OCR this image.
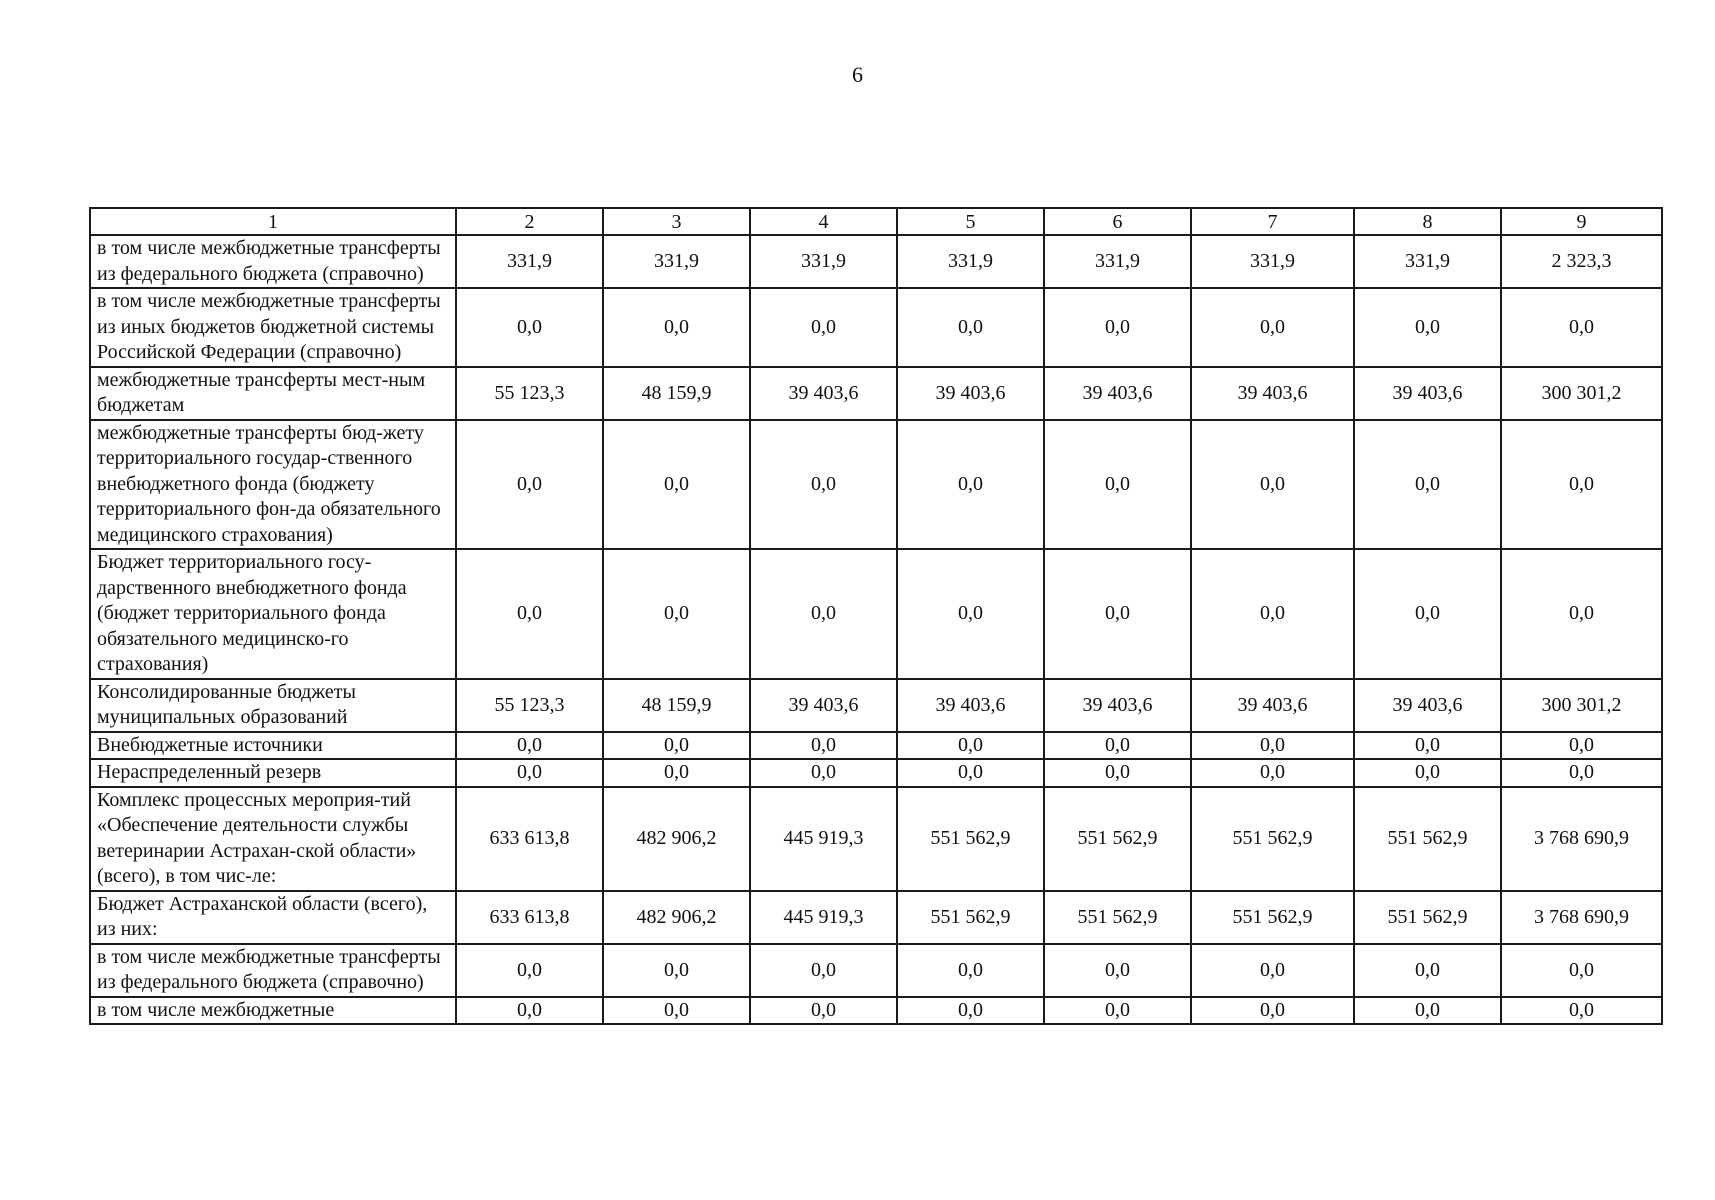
6
1	2	3	4	5	6	7	8	9
в том числе межбюджетные трансферты из федерального бюджета (справочно)	331,9	331,9	331,9	331,9	331,9	331,9	331,9	2 323,3
в том числе межбюджетные трансферты из иных бюджетов бюджетной системы Российской Федерации (справочно)	0,0	0,0	0,0	0,0	0,0	0,0	0,0	0,0
межбюджетные трансферты мест-ным бюджетам	55 123,3	48 159,9	39 403,6	39 403,6	39 403,6	39 403,6	39 403,6	300 301,2
межбюджетные трансферты бюд-жету территориального государ-ственного внебюджетного фонда (бюджету территориального фон-да обязательного медицинского страхования)	0,0	0,0	0,0	0,0	0,0	0,0	0,0	0,0
Бюджет территориального госу-дарственного внебюджетного фонда (бюджет территориального фонда обязательного медицинско-го страхования)	0,0	0,0	0,0	0,0	0,0	0,0	0,0	0,0
Консолидированные бюджеты муниципальных образований	55 123,3	48 159,9	39 403,6	39 403,6	39 403,6	39 403,6	39 403,6	300 301,2
Внебюджетные источники	0,0	0,0	0,0	0,0	0,0	0,0	0,0	0,0
Нераспределенный резерв	0,0	0,0	0,0	0,0	0,0	0,0	0,0	0,0
Комплекс процессных мероприя-тий «Обеспечение деятельности службы ветеринарии Астрахан-ской области» (всего), в том чис-ле:	633 613,8	482 906,2	445 919,3	551 562,9	551 562,9	551 562,9	551 562,9	3 768 690,9
Бюджет Астраханской области (всего), из них:	633 613,8	482 906,2	445 919,3	551 562,9	551 562,9	551 562,9	551 562,9	3 768 690,9
в том числе межбюджетные трансферты из федерального бюджета (справочно)	0,0	0,0	0,0	0,0	0,0	0,0	0,0	0,0
в том числе межбюджетные	0,0	0,0	0,0	0,0	0,0	0,0	0,0	0,0
